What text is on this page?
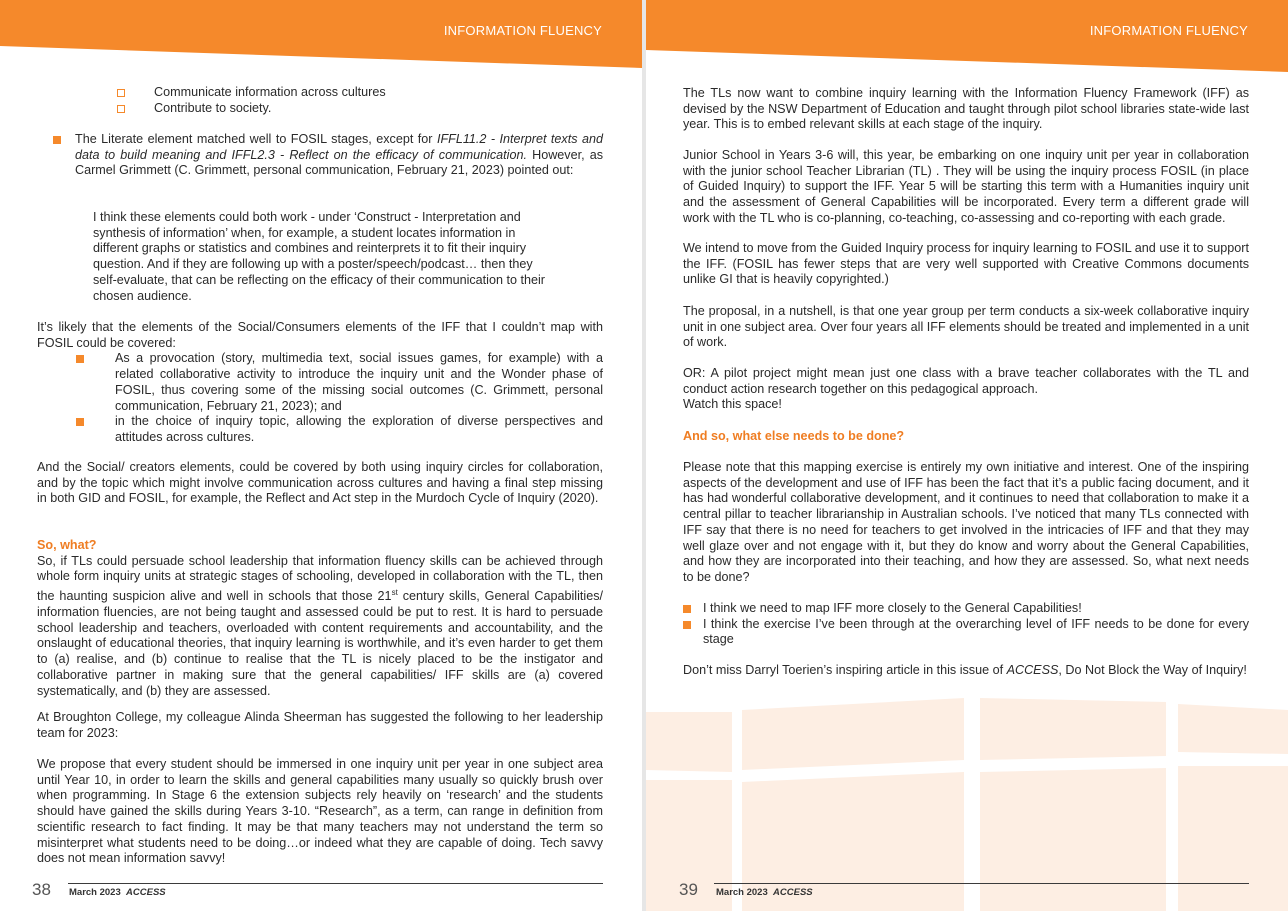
INFORMATION FLUENCY
Communicate information across cultures
Contribute to society.
The Literate element matched well to FOSIL stages, except for IFFL11.2 - Interpret texts and data to build meaning and IFFL2.3 - Reflect on the efficacy of communication. However, as Carmel Grimmett (C. Grimmett, personal communication, February 21, 2023) pointed out:

I think these elements could both work - under ‘Construct - Interpretation and synthesis of information’ when, for example, a student locates information in different graphs or statistics and combines and reinterprets it to fit their inquiry question. And if they are following up with a poster/speech/podcast… then they self-evaluate, that can be reflecting on the efficacy of their communication to their chosen audience.

It’s likely that the elements of the Social/Consumers elements of the IFF that I couldn’t map with FOSIL could be covered:

As a provocation (story, multimedia text, social issues games, for example) with a related collaborative activity to introduce the inquiry unit and the Wonder phase of FOSIL, thus covering some of the missing social outcomes (C. Grimmett, personal communication, February 21, 2023); and
in the choice of inquiry topic, allowing the exploration of diverse perspectives and attitudes across cultures.

And the Social/ creators elements, could be covered by both using inquiry circles for collaboration, and by the topic which might involve communication across cultures and having a final step missing in both GID and FOSIL, for example, the Reflect and Act step in the Murdoch Cycle of Inquiry (2020).

So, what?

So, if TLs could persuade school leadership that information fluency skills can be achieved through whole form inquiry units at strategic stages of schooling, developed in collaboration with the TL, then the haunting suspicion alive and well in schools that those 21st century skills, General Capabilities/ information fluencies, are not being taught and assessed could be put to rest. It is hard to persuade school leadership and teachers, overloaded with content requirements and accountability, and the onslaught of educational theories, that inquiry learning is worthwhile, and it’s even harder to get them to (a) realise, and (b) continue to realise that the TL is nicely placed to be the instigator and collaborative partner in making sure that the general capabilities/ IFF skills are (a) covered systematically, and (b) they are assessed.

At Broughton College, my colleague Alinda Sheerman has suggested the following to her leadership team for 2023:

We propose that every student should be immersed in one inquiry unit per year in one subject area until Year 10, in order to learn the skills and general capabilities many usually so quickly brush over when programming. In Stage 6 the extension subjects rely heavily on ‘research’ and the students should have gained the skills during Years 3-10. “Research”, as a term, can range in definition from scientific research to fact finding. It may be that many teachers may not understand the term so misinterpret what students need to be doing…or indeed what they are capable of doing. Tech savvy does not mean information savvy!

38 March 2023 ACCESS
INFORMATION FLUENCY

The TLs now want to combine inquiry learning with the Information Fluency Framework (IFF) as devised by the NSW Department of Education and taught through pilot school libraries state-wide last year. This is to embed relevant skills at each stage of the inquiry.

Junior School in Years 3-6 will, this year, be embarking on one inquiry unit per year in collaboration with the junior school Teacher Librarian (TL) . They will be using the inquiry process FOSIL (in place of Guided Inquiry) to support the IFF. Year 5 will be starting this term with a Humanities inquiry unit and the assessment of General Capabilities will be incorporated. Every term a different grade will work with the TL who is co-planning, co-teaching, co-assessing and co-reporting with each grade.

We intend to move from the Guided Inquiry process for inquiry learning to FOSIL and use it to support the IFF. (FOSIL has fewer steps that are very well supported with Creative Commons documents unlike GI that is heavily copyrighted.)

The proposal, in a nutshell, is that one year group per term conducts a six-week collaborative inquiry unit in one subject area. Over four years all IFF elements should be treated and implemented in a unit of work.

OR: A pilot project might mean just one class with a brave teacher collaborates with the TL and conduct action research together on this pedagogical approach.

Watch this space!

And so, what else needs to be done?

Please note that this mapping exercise is entirely my own initiative and interest. One of the inspiring aspects of the development and use of IFF has been the fact that it’s a public facing document, and it has had wonderful collaborative development, and it continues to need that collaboration to make it a central pillar to teacher librarianship in Australian schools. I’ve noticed that many TLs connected with IFF say that there is no need for teachers to get involved in the intricacies of IFF and that they may well glaze over and not engage with it, but they do know and worry about the General Capabilities, and how they are incorporated into their teaching, and how they are assessed. So, what next needs to be done?

I think we need to map IFF more closely to the General Capabilities!
I think the exercise I’ve been through at the overarching level of IFF needs to be done for every stage

Don’t miss Darryl Toerien’s inspiring article in this issue of ACCESS, Do Not Block the Way of Inquiry!

39 March 2023 ACCESS
